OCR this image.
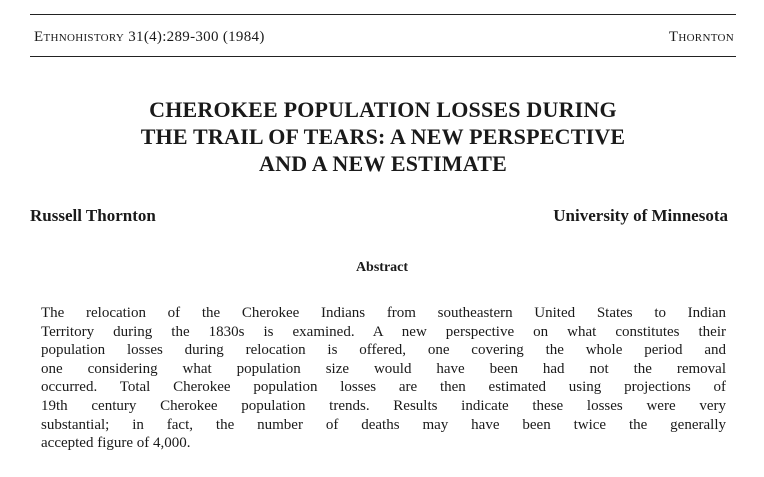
Ethnohistory 31(4):289-300 (1984)	Thornton
CHEROKEE POPULATION LOSSES DURING
THE TRAIL OF TEARS: A NEW PERSPECTIVE
AND A NEW ESTIMATE
Russell Thornton	University of Minnesota
Abstract
The relocation of the Cherokee Indians from southeastern United States to Indian
Territory during the 1830s is examined. A new perspective on what constitutes their
population losses during relocation is offered, one covering the whole period and
one considering what population size would have been had not the removal
occurred. Total Cherokee population losses are then estimated using projections of
19th century Cherokee population trends. Results indicate these losses were very
substantial; in fact, the number of deaths may have been twice the generally
accepted figure of 4,000.
